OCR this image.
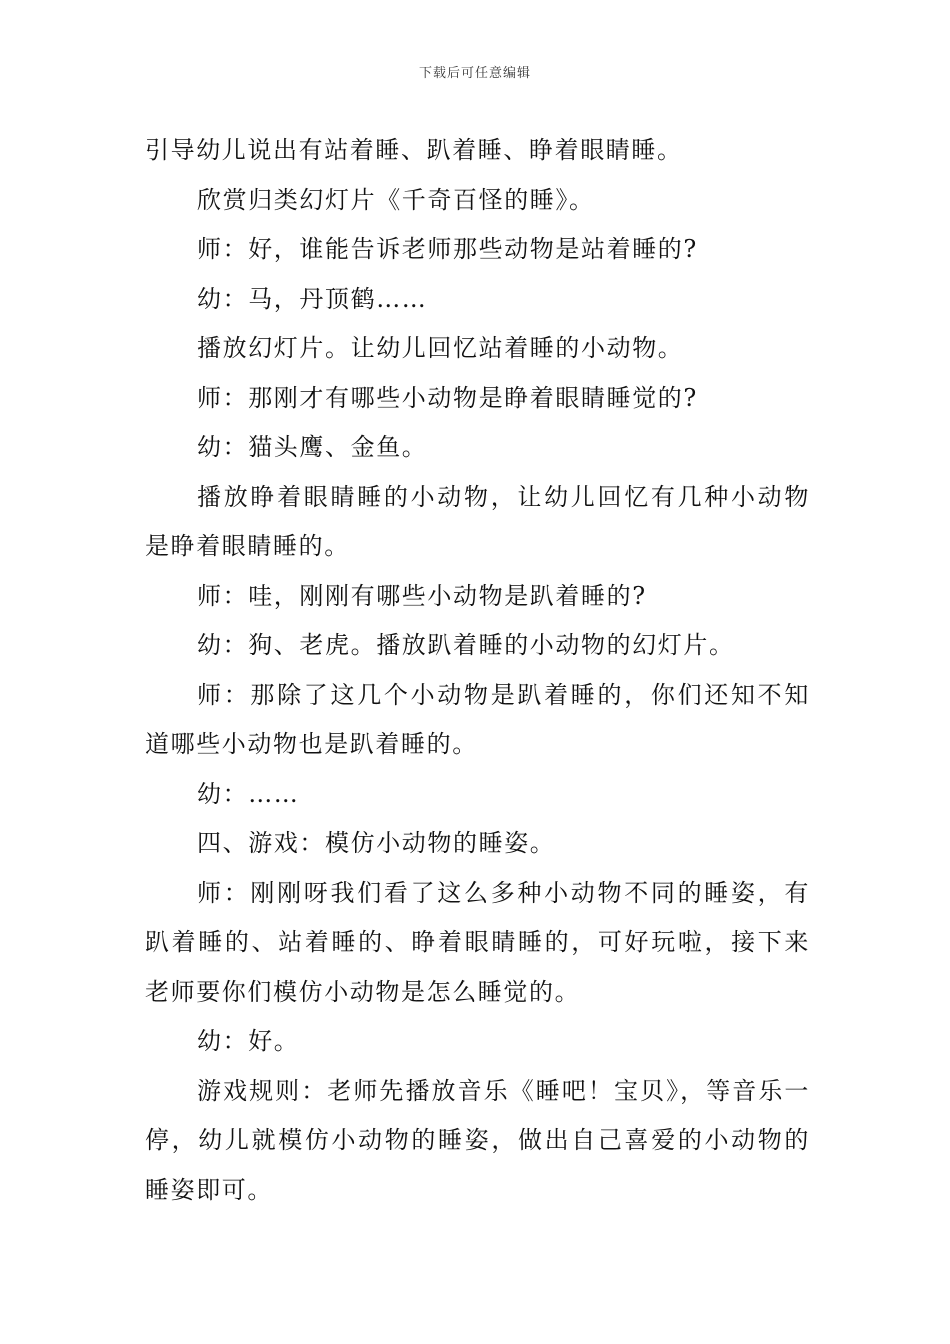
下载后可任意编辑

引导幼儿说出有站着睡、趴着睡、睁着眼睛睡。

欣赏归类幻灯片《千奇百怪的睡》。

师：好，谁能告诉老师那些动物是站着睡的?

幼：马，丹顶鹤……

播放幻灯片。让幼儿回忆站着睡的小动物。

师：那刚才有哪些小动物是睁着眼睛睡觉的?

幼：猫头鹰、金鱼。

播放睁着眼睛睡的小动物，让幼儿回忆有几种小动物是睁着眼睛睡的。

师：哇，刚刚有哪些小动物是趴着睡的?

幼：狗、老虎。播放趴着睡的小动物的幻灯片。

师：那除了这几个小动物是趴着睡的，你们还知不知道哪些小动物也是趴着睡的。

幼：……

四、游戏：模仿小动物的睡姿。

师：刚刚呀我们看了这么多种小动物不同的睡姿，有趴着睡的、站着睡的、睁着眼睛睡的，可好玩啦，接下来老师要你们模仿小动物是怎么睡觉的。

幼：好。

游戏规则：老师先播放音乐《睡吧！宝贝》，等音乐一停，幼儿就模仿小动物的睡姿，做出自己喜爱的小动物的睡姿即可。
